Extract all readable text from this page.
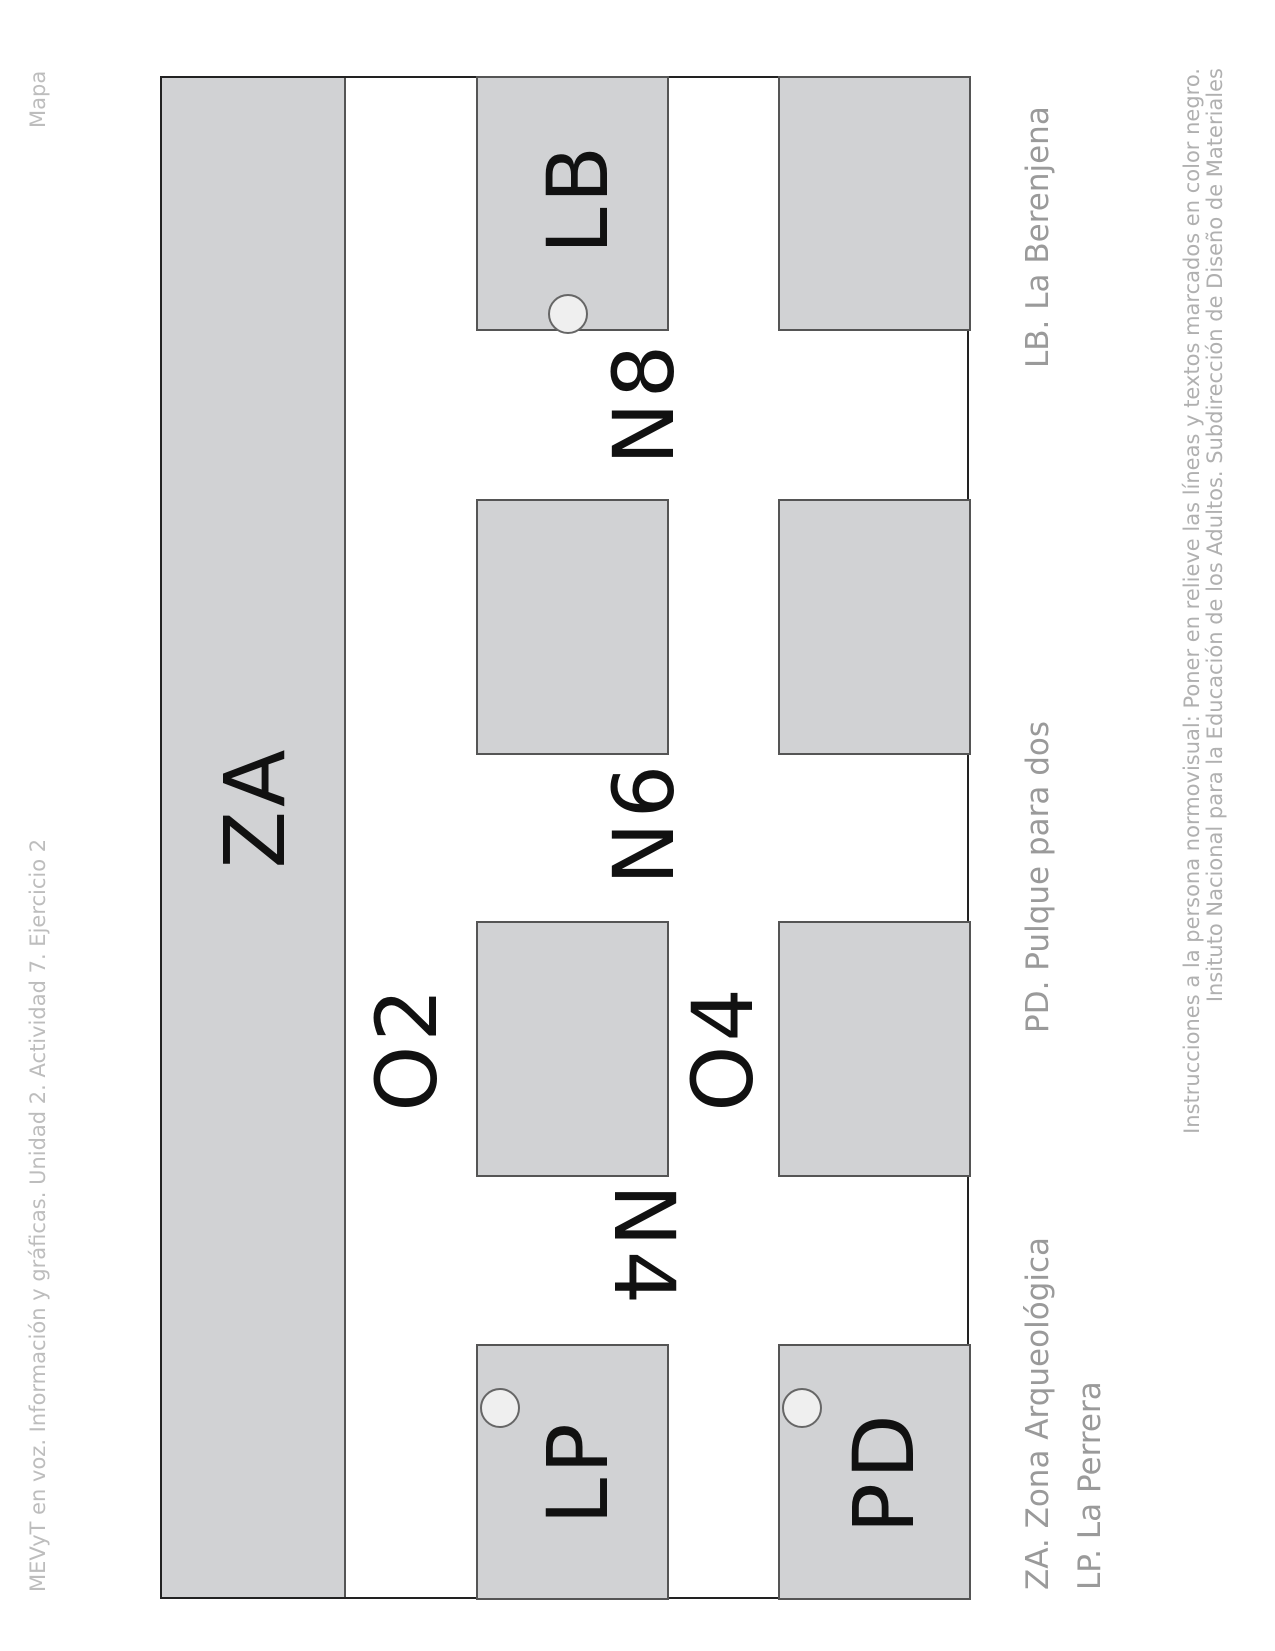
Mapa
MEVyT en voz. Información y gráficas. Unidad 2. Actividad 7. Ejercicio 2
ZA
LB
LP PD
N8
N6
N4
O2	O4
ZA. Zona Arqueológica LP. La Perrera
PD. Pulque para dos
LB. La Berenjena	Instrucciones a la persona normovisual: Poner en relieve las líneas y textos marcados en color negro. Insituto Nacional para la Educación de los Adultos. Subdirección de Diseño de Materiales
